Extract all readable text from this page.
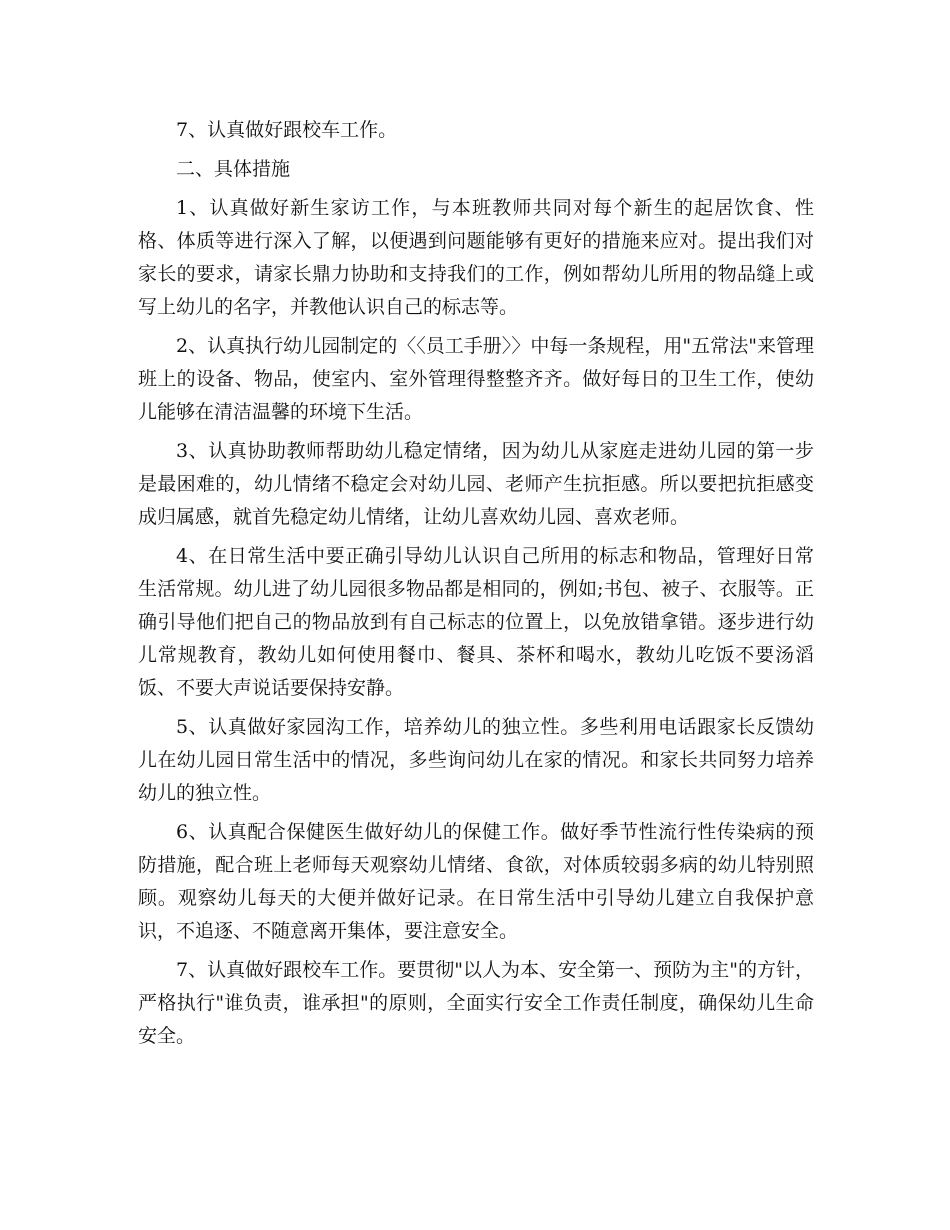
7、认真做好跟校车工作。

二、具体措施

1、认真做好新生家访工作，与本班教师共同对每个新生的起居饮食、性格、体质等进行深入了解，以便遇到问题能够有更好的措施来应对。提出我们对家长的要求，请家长鼎力协助和支持我们的工作，例如帮幼儿所用的物品缝上或写上幼儿的名字，并教他认识自己的标志等。

2、认真执行幼儿园制定的〈〈员工手册〉〉中每一条规程，用"五常法"来管理班上的设备、物品，使室内、室外管理得整整齐齐。做好每日的卫生工作，使幼儿能够在清洁温馨的环境下生活。

3、认真协助教师帮助幼儿稳定情绪，因为幼儿从家庭走进幼儿园的第一步是最困难的，幼儿情绪不稳定会对幼儿园、老师产生抗拒感。所以要把抗拒感变成归属感，就首先稳定幼儿情绪，让幼儿喜欢幼儿园、喜欢老师。

4、在日常生活中要正确引导幼儿认识自己所用的标志和物品，管理好日常生活常规。幼儿进了幼儿园很多物品都是相同的，例如;书包、被子、衣服等。正确引导他们把自己的物品放到有自己标志的位置上，以免放错拿错。逐步进行幼儿常规教育，教幼儿如何使用餐巾、餐具、茶杯和喝水，教幼儿吃饭不要汤滔饭、不要大声说话要保持安静。

5、认真做好家园沟工作，培养幼儿的独立性。多些利用电话跟家长反馈幼儿在幼儿园日常生活中的情况，多些询问幼儿在家的情况。和家长共同努力培养幼儿的独立性。

6、认真配合保健医生做好幼儿的保健工作。做好季节性流行性传染病的预防措施，配合班上老师每天观察幼儿情绪、食欲，对体质较弱多病的幼儿特别照顾。观察幼儿每天的大便并做好记录。在日常生活中引导幼儿建立自我保护意识，不追逐、不随意离开集体，要注意安全。

7、认真做好跟校车工作。要贯彻"以人为本、安全第一、预防为主"的方针，严格执行"谁负责，谁承担"的原则，全面实行安全工作责任制度，确保幼儿生命安全。
